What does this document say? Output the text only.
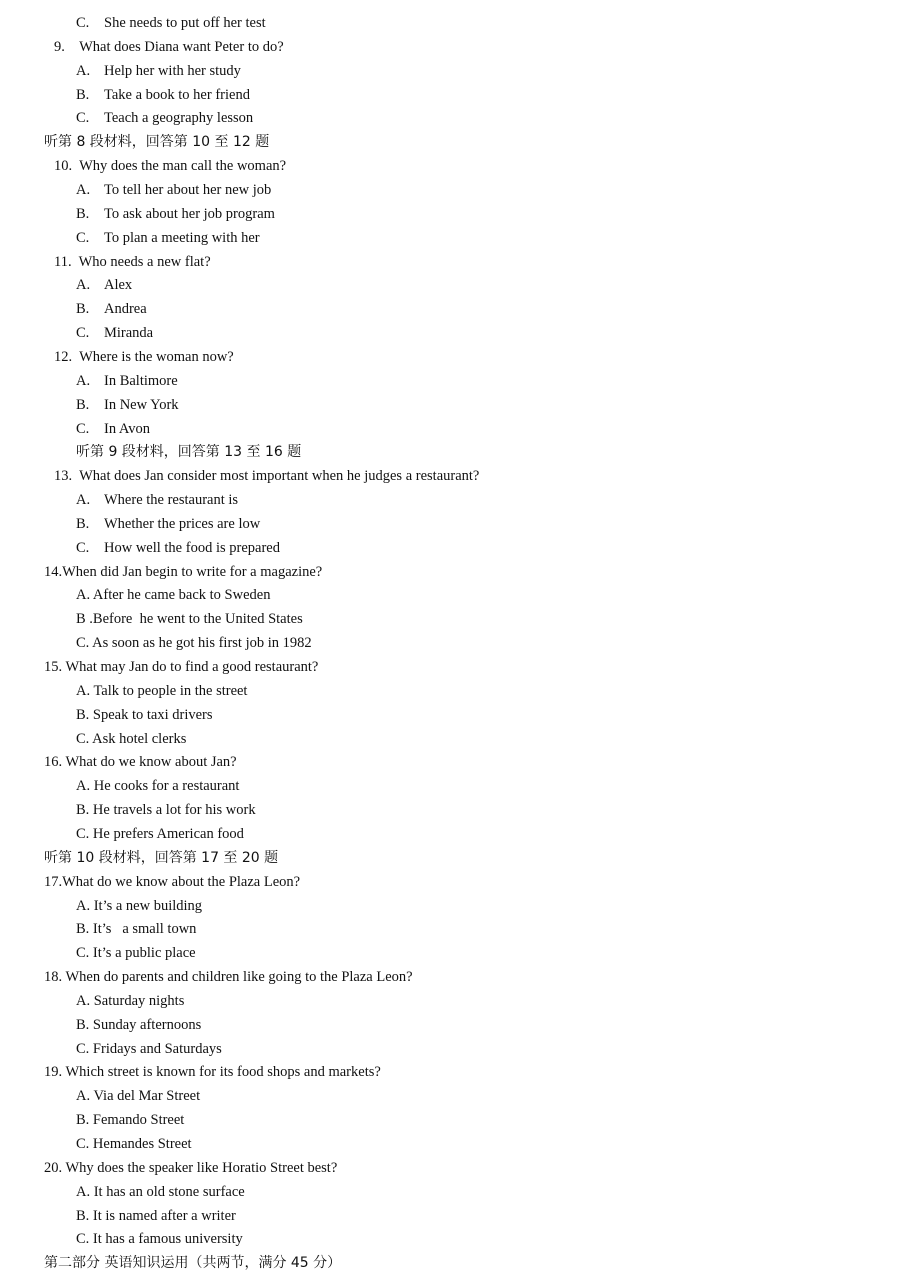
C. She needs to put off her test
9.    What does Diana want Peter to do?
A. Help her with her study
B. Take a book to her friend
C. Teach a geography lesson
听第 8 段材料，回答第 10 至 12 题
10.  Why does the man call the woman?
A. To tell her about her new job
B. To ask about her job program
C. To plan a meeting with her
11.  Who needs a new flat?
A. Alex
B. Andrea
C. Miranda
12.  Where is the woman now?
A. In Baltimore
B. In New York
C. In Avon
听第 9 段材料，回答第 13 至 16 题
13.  What does Jan consider most important when he judges a restaurant?
A. Where the restaurant is
B. Whether the prices are low
C. How well the food is prepared
14.When did Jan begin to write for a magazine?
A. After he came back to Sweden
B .Before  he went to the United States
C. As soon as he got his first job in 1982
15. What may Jan do to find a good restaurant?
A. Talk to people in the street
B. Speak to taxi drivers
C. Ask hotel clerks
16. What do we know about Jan?
A. He cooks for a restaurant
B. He travels a lot for his work
C. He prefers American food
听第 10 段材料，回答第 17 至 20 题
17.What do we know about the Plaza Leon?
A. It’s a new building
B. It’s   a small town
C. It’s a public place
18. When do parents and children like going to the Plaza Leon?
A. Saturday nights
B. Sunday afternoons
C. Fridays and Saturdays
19. Which street is known for its food shops and markets?
A. Via del Mar Street
B. Femando Street
C. Hemandes Street
20. Why does the speaker like Horatio Street best?
A. It has an old stone surface
B. It is named after a writer
C. It has a famous university
第二部分 英语知识运用（共两节，满分 45 分）
